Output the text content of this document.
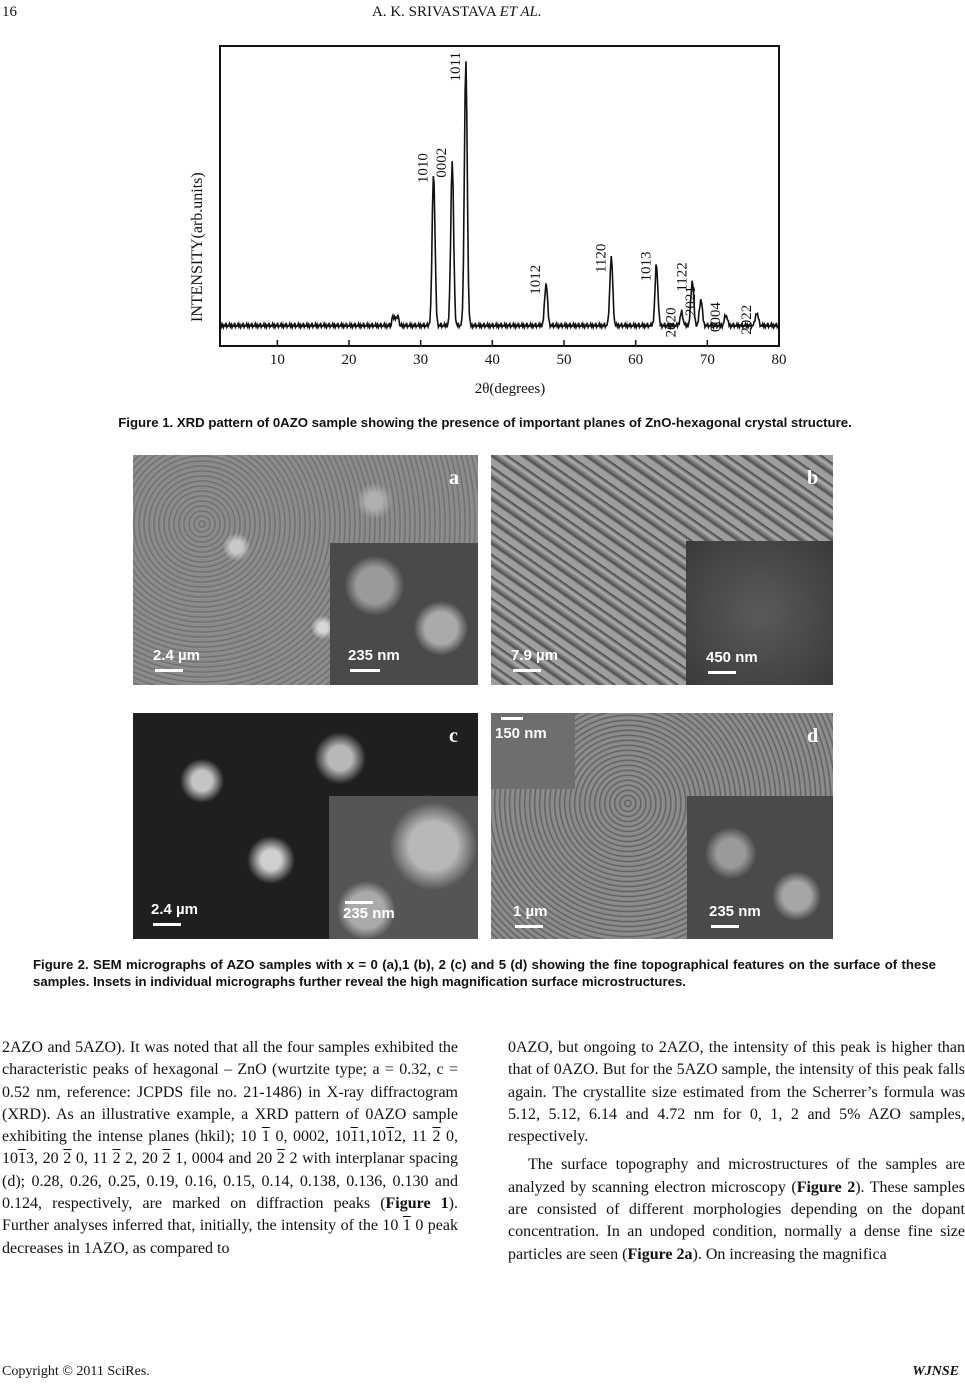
16	A. K. SRIVASTAVA ET AL.
10	20	30	40	50	60	70	80
1010 0002
1011
1012
1120 1013
2020
1122
2021
0004 2022
INTENSITY(arb.units)
2θ(degrees)
Figure 1. XRD pattern of 0AZO sample showing the presence of important planes of ZnO-hexagonal crystal structure.
a
2.4 µm	235 nm
b
7.9 µm	450 nm
c
2.4 µm	235 nm
d
150 nm
1 µm	235 nm
Figure 2. SEM micrographs of AZO samples with x = 0 (a),1 (b), 2 (c) and 5 (d) showing the fine topographical features on the surface of these samples. Insets in individual micrographs further reveal the high magnification surface microstructures.

2AZO and 5AZO). It was noted that all the four samples exhibited the characteristic peaks of hexagonal – ZnO (wurtzite type; a = 0.32, c = 0.52 nm, reference: JCPDS file no. 21-1486) in X-ray diffractogram (XRD). As an illustrative example, a XRD pattern of 0AZO sample exhibiting the intense planes (hkil); 10 1 0, 0002, 1011,1012, 11 2 0, 1013, 20 2 0, 11 2 2, 20 2 1, 0004 and 20 2 2 with interplanar spacing (d); 0.28, 0.26, 0.25, 0.19, 0.16, 0.15, 0.14, 0.138, 0.136, 0.130 and 0.124, respectively, are marked on diffraction peaks (Figure 1). Further analyses inferred that, initially, the intensity of the 10 1 0 peak decreases in 1AZO, as compared to

0AZO, but ongoing to 2AZO, the intensity of this peak is higher than that of 0AZO. But for the 5AZO sample, the intensity of this peak falls again. The crystallite size estimated from the Scherrer’s formula was 5.12, 5.12, 6.14 and 4.72 nm for 0, 1, 2 and 5% AZO samples, respectively.

The surface topography and microstructures of the samples are analyzed by scanning electron microscopy (Figure 2). These samples are consisted of different morphologies depending on the dopant concentration. In an undoped condition, normally a dense fine size particles are seen (Figure 2a). On increasing the magnifica

Copyright © 2011 SciRes.	WJNSE
